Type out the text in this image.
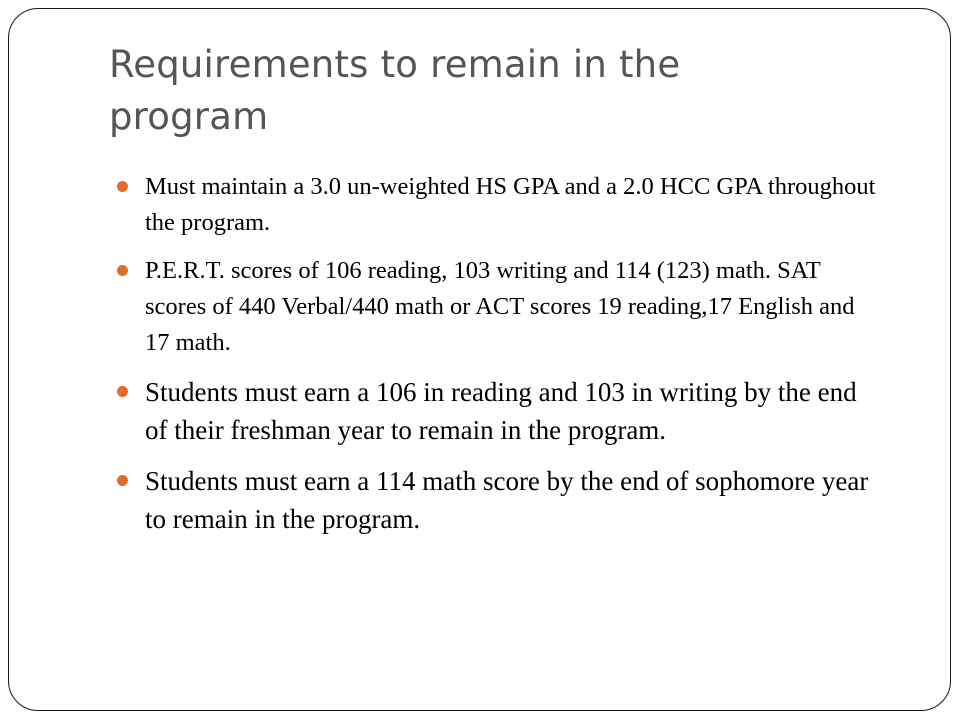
Requirements to remain in the program
Must maintain a 3.0 un-weighted HS GPA and a 2.0 HCC GPA throughout the program.
P.E.R.T. scores of 106 reading, 103 writing and 114 (123) math. SAT scores of 440 Verbal/440 math or ACT scores 19 reading,17 English and 17 math.
Students must earn a 106 in reading and 103 in writing by the end of their freshman year to remain in the program.
Students must earn a 114 math score by the end of sophomore year to remain in the program.
